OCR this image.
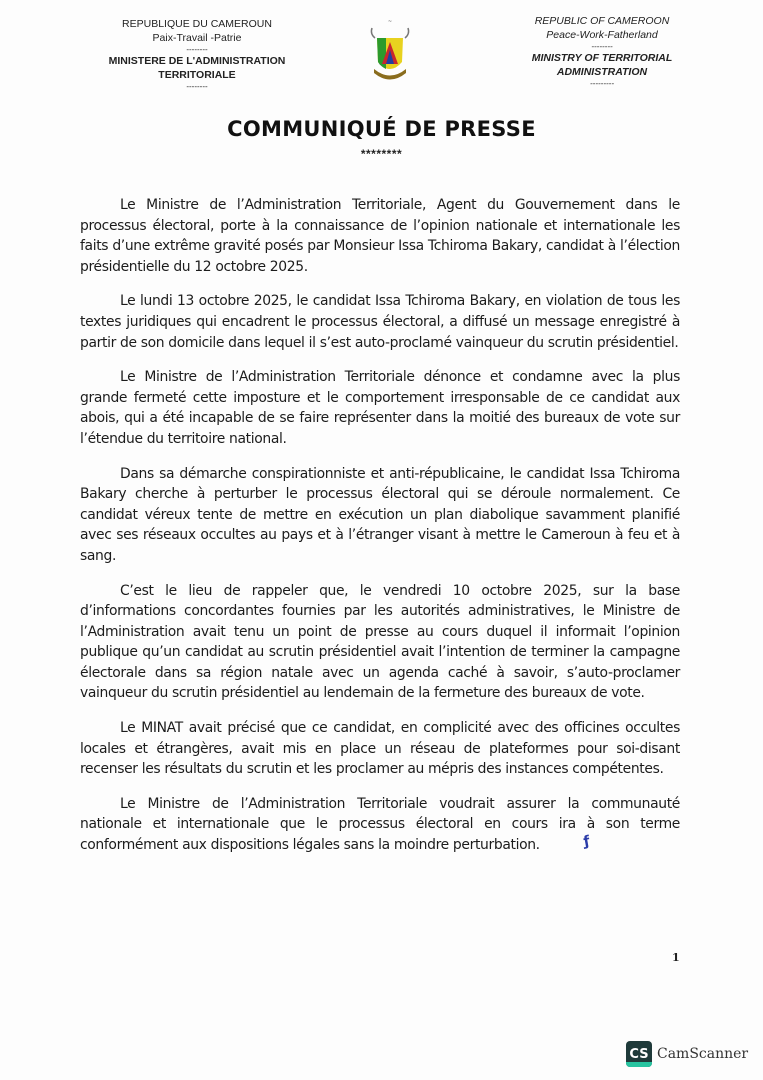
REPUBLIQUE DU CAMEROUN
Paix-Travail -Patrie
--------
MINISTERE DE L'ADMINISTRATION
TERRITORIALE
--------
~	REPUBLIC OF CAMEROON
Peace-Work-Fatherland
--------
MINISTRY OF TERRITORIAL
ADMINISTRATION
---------
COMMUNIQUÉ DE PRESSE
********

Le Ministre de l’Administration Territoriale, Agent du Gouvernement dans le processus électoral, porte à la connaissance de l’opinion nationale et internationale les faits d’une extrême gravité posés par Monsieur Issa Tchiroma Bakary, candidat à l’élection présidentielle du 12 octobre 2025.

Le lundi 13 octobre 2025, le candidat Issa Tchiroma Bakary, en violation de tous les textes juridiques qui encadrent le processus électoral, a diffusé un message enregistré à partir de son domicile dans lequel il s’est auto-proclamé vainqueur du scrutin présidentiel.

Le Ministre de l’Administration Territoriale dénonce et condamne avec la plus grande fermeté cette imposture et le comportement irresponsable de ce candidat aux abois, qui a été incapable de se faire représenter dans la moitié des bureaux de vote sur l’étendue du territoire national.

Dans sa démarche conspirationniste et anti-républicaine, le candidat Issa Tchiroma Bakary cherche à perturber le processus électoral qui se déroule normalement. Ce candidat véreux tente de mettre en exécution un plan diabolique savamment planifié avec ses réseaux occultes au pays et à l’étranger visant à mettre le Cameroun à feu et à sang.

C’est le lieu de rappeler que, le vendredi 10 octobre 2025, sur la base d’informations concordantes fournies par les autorités administratives, le Ministre de l’Administration avait tenu un point de presse au cours duquel il informait l’opinion publique qu’un candidat au scrutin présidentiel avait l’intention de terminer la campagne électorale dans sa région natale avec un agenda caché à savoir, s’auto-proclamer vainqueur du scrutin présidentiel au lendemain de la fermeture des bureaux de vote.

Le MINAT avait précisé que ce candidat, en complicité avec des officines occultes locales et étrangères, avait mis en place un réseau de plateformes pour soi-disant recenser les résultats du scrutin et les proclamer au mépris des instances compétentes.

Le Ministre de l’Administration Territoriale voudrait assurer la communauté nationale et internationale que le processus électoral en cours ira à son terme conformément aux dispositions légales sans la moindre perturbation.	ƒ

1
CS CamScanner
